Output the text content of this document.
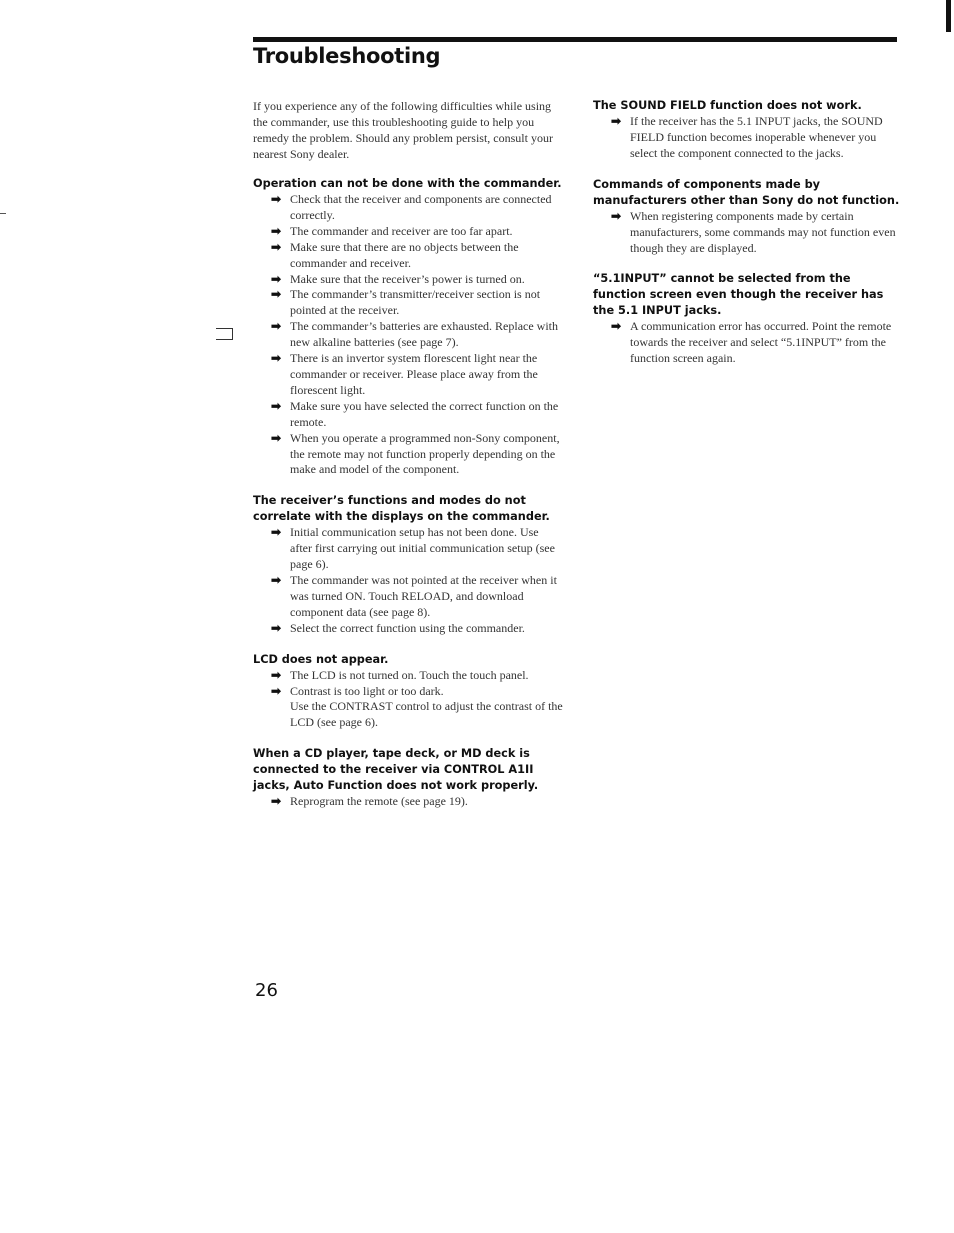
Troubleshooting

If you experience any of the following difficulties while using the commander, use this troubleshooting guide to help you remedy the problem. Should any problem persist, consult your nearest Sony dealer.

Operation can not be done with the commander.
➡ Check that the receiver and components are connected correctly.
➡ The commander and receiver are too far apart.
➡ Make sure that there are no objects between the commander and receiver.
➡ Make sure that the receiver’s power is turned on.
➡ The commander’s transmitter/receiver section is not pointed at the receiver.
➡ The commander’s batteries are exhausted. Replace with new alkaline batteries (see page 7).
➡ There is an invertor system florescent light near the commander or receiver. Please place away from the florescent light.
➡ Make sure you have selected the correct function on the remote.
➡ When you operate a programmed non-Sony component, the remote may not function properly depending on the make and model of the component.
The receiver’s functions and modes do not correlate with the displays on the commander.
➡ Initial communication setup has not been done. Use after first carrying out initial communication setup (see page 6).
➡ The commander was not pointed at the receiver when it was turned ON. Touch RELOAD, and download component data (see page 8).
➡ Select the correct function using the commander.
LCD does not appear.
➡ The LCD is not turned on. Touch the touch panel.
➡ Contrast is too light or too dark.
Use the CONTRAST control to adjust the contrast of the LCD (see page 6).
When a CD player, tape deck, or MD deck is connected to the receiver via CONTROL A1II jacks, Auto Function does not work properly.
➡ Reprogram the remote (see page 19).
The SOUND FIELD function does not work.
➡ If the receiver has the 5.1 INPUT jacks, the SOUND FIELD function becomes inoperable whenever you select the component connected to the jacks.
Commands of components made by manufacturers other than Sony do not function.
➡ When registering components made by certain manufacturers, some commands may not function even though they are displayed.
“5.1INPUT” cannot be selected from the function screen even though the receiver has the 5.1 INPUT jacks.
➡ A communication error has occurred. Point the remote towards the receiver and select “5.1INPUT” from the function screen again.
26
